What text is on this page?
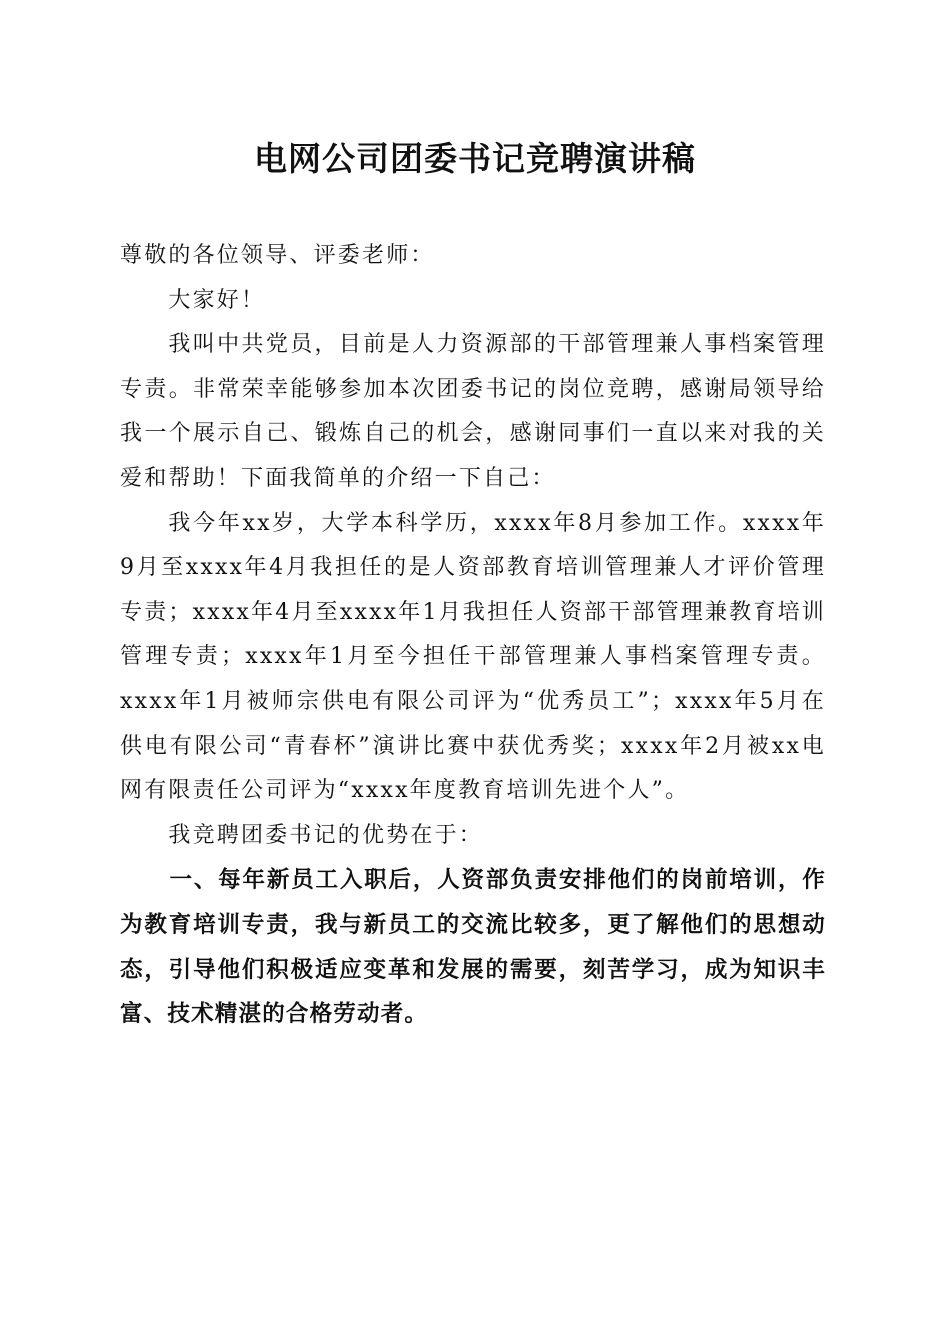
电网公司团委书记竞聘演讲稿

尊敬的各位领导、评委老师：

大家好！

我叫中共党员，目前是人力资源部的干部管理兼人事档案管理专责。非常荣幸能够参加本次团委书记的岗位竞聘，感谢局领导给我一个展示自己、锻炼自己的机会，感谢同事们一直以来对我的关爱和帮助！下面我简单的介绍一下自己：

我今年xx岁，大学本科学历，xxxx年8月参加工作。xxxx年9月至xxxx年4月我担任的是人资部教育培训管理兼人才评价管理专责；xxxx年4月至xxxx年1月我担任人资部干部管理兼教育培训管理专责；xxxx年1月至今担任干部管理兼人事档案管理专责。xxxx年1月被师宗供电有限公司评为“优秀员工”；xxxx年5月在供电有限公司“青春杯”演讲比赛中获优秀奖；xxxx年2月被xx电网有限责任公司评为“xxxx年度教育培训先进个人”。

我竞聘团委书记的优势在于：

一、每年新员工入职后，人资部负责安排他们的岗前培训，作为教育培训专责，我与新员工的交流比较多，更了解他们的思想动态，引导他们积极适应变革和发展的需要，刻苦学习，成为知识丰富、技术精湛的合格劳动者。
